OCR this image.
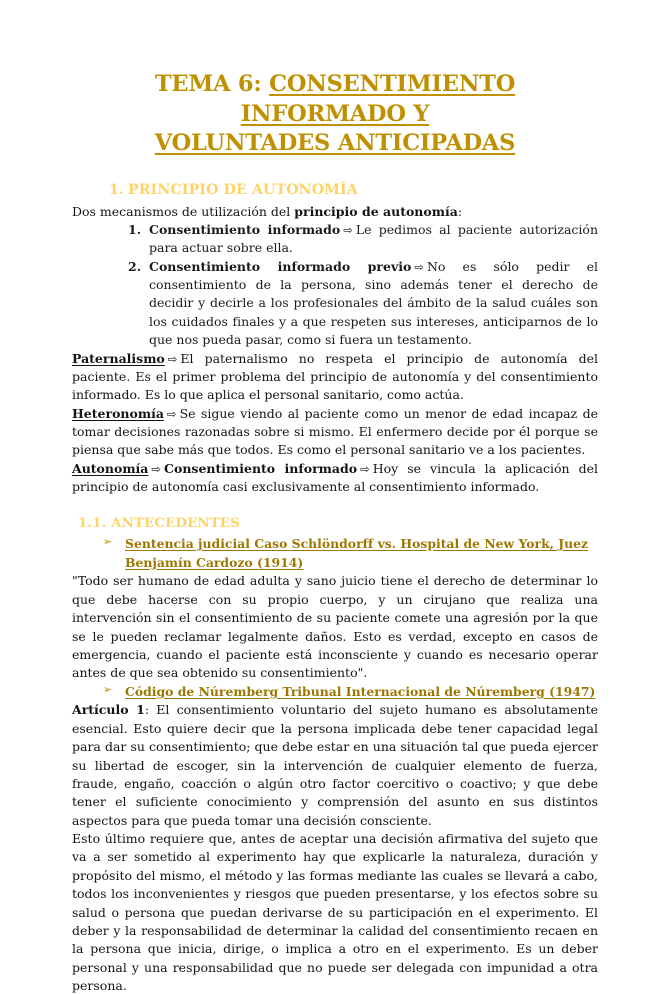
TEMA 6: CONSENTIMIENTO INFORMADO Y
VOLUNTADES ANTICIPADAS
1. PRINCIPIO DE AUTONOMÍA

Dos mecanismos de utilización del principio de autonomía:

Consentimiento informado ⇨ Le pedimos al paciente autorización para actuar sobre ella.
Consentimiento informado previo ⇨ No es sólo pedir el consentimiento de la persona, sino además tener el derecho de decidir y decirle a los profesionales del ámbito de la salud cuáles son los cuidados finales y a que respeten sus intereses, anticiparnos de lo que nos pueda pasar, como si fuera un testamento.

Paternalismo ⇨ El paternalismo no respeta el principio de autonomía del paciente. Es el primer problema del principio de autonomía y del consentimiento informado. Es lo que aplica el personal sanitario, como actúa.

Heteronomía ⇨ Se sigue viendo al paciente como un menor de edad incapaz de tomar decisiones razonadas sobre si mismo. El enfermero decide por él porque se piensa que sabe más que todos. Es como el personal sanitario ve a los pacientes.

Autonomía ⇨ Consentimiento informado ⇨ Hoy se vincula la aplicación del principio de autonomía casi exclusivamente al consentimiento informado.

1.1. ANTECEDENTES
➢ Sentencia judicial Caso Schlöndorff vs. Hospital de New York, Juez Benjamín Cardozo (1914)

"Todo ser humano de edad adulta y sano juicio tiene el derecho de determinar lo que debe hacerse con su propio cuerpo, y un cirujano que realiza una intervención sin el consentimiento de su paciente comete una agresión por la que se le pueden reclamar legalmente daños. Esto es verdad, excepto en casos de emergencia, cuando el paciente está inconsciente y cuando es necesario operar antes de que sea obtenido su consentimiento".

➢ Código de Núremberg Tribunal Internacional de Núremberg (1947)

Artículo 1: El consentimiento voluntario del sujeto humano es absolutamente esencial. Esto quiere decir que la persona implicada debe tener capacidad legal para dar su consentimiento; que debe estar en una situación tal que pueda ejercer su libertad de escoger, sin la intervención de cualquier elemento de fuerza, fraude, engaño, coacción o algún otro factor coercitivo o coactivo; y que debe tener el suficiente conocimiento y comprensión del asunto en sus distintos aspectos para que pueda tomar una decisión consciente.

Esto último requiere que, antes de aceptar una decisión afirmativa del sujeto que va a ser sometido al experimento hay que explicarle la naturaleza, duración y propósito del mismo, el método y las formas mediante las cuales se llevará a cabo, todos los inconvenientes y riesgos que pueden presentarse, y los efectos sobre su salud o persona que puedan derivarse de su participación en el experimento. El deber y la responsabilidad de determinar la calidad del consentimiento recaen en la persona que inicia, dirige, o implica a otro en el experimento. Es un deber personal y una responsabilidad que no puede ser delegada con impunidad a otra persona.
